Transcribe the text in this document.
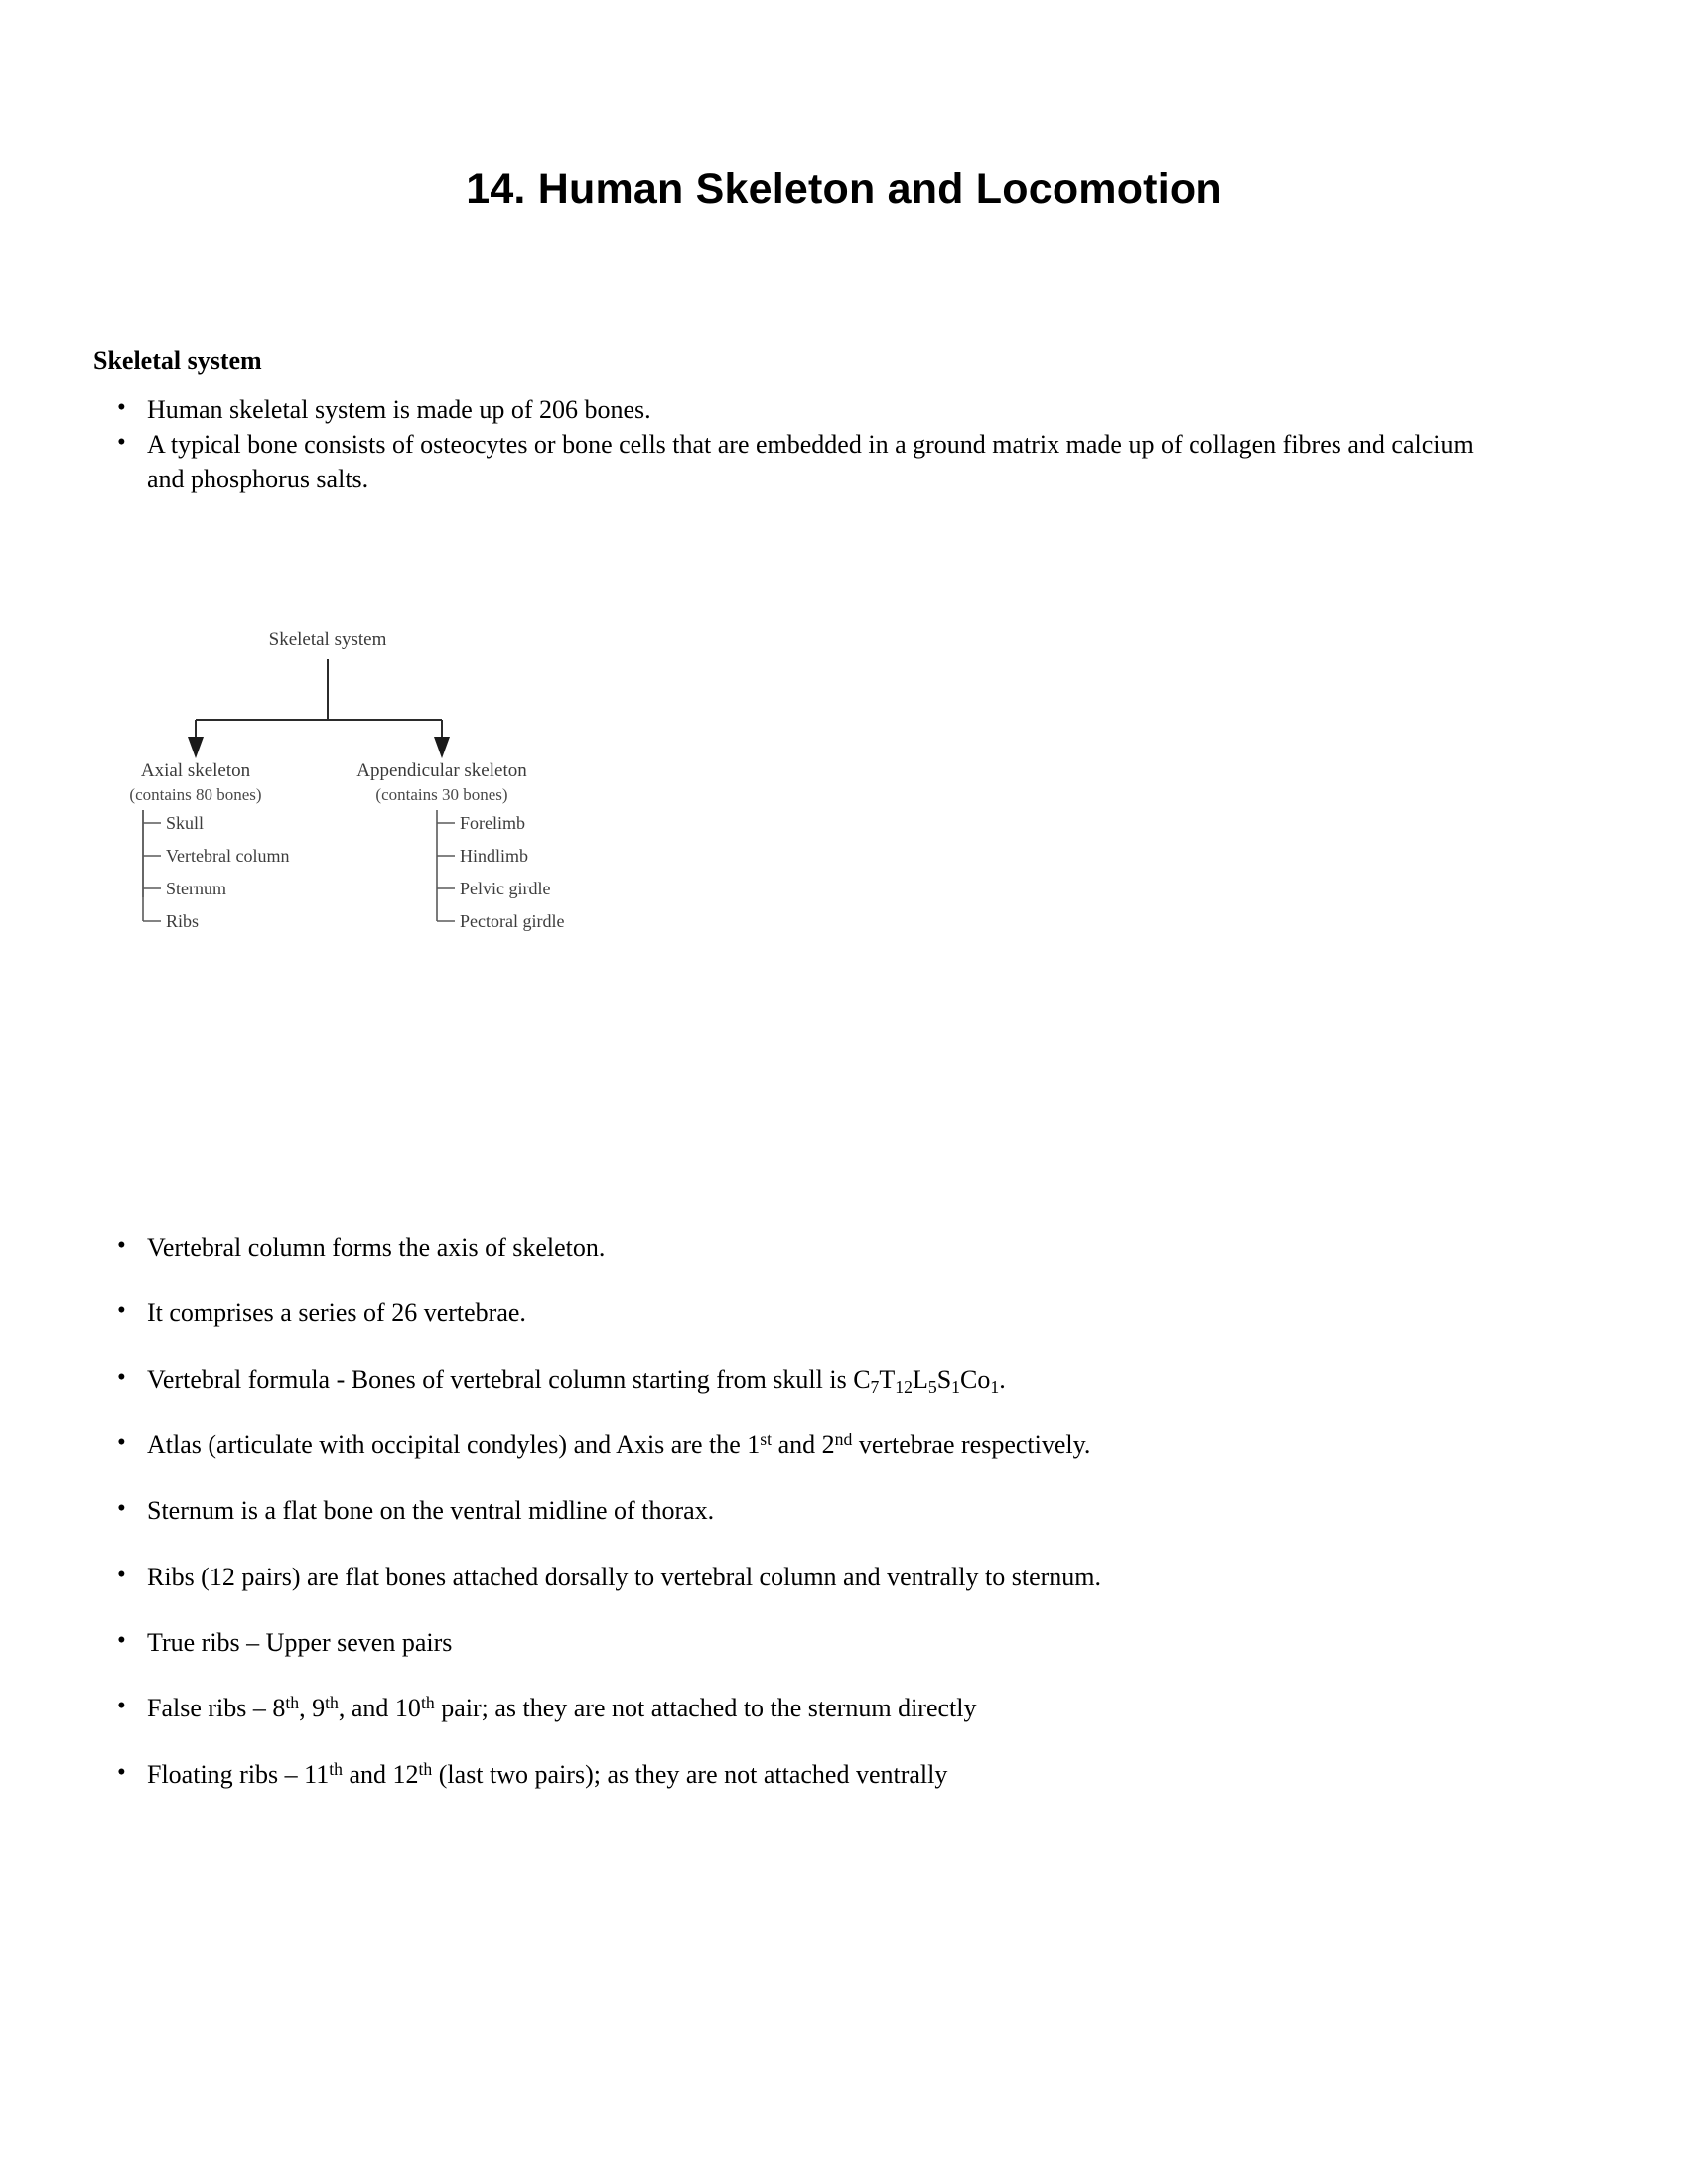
14. Human Skeleton and Locomotion
Skeletal system
• Human skeletal system is made up of 206 bones.
• A typical bone consists of osteocytes or bone cells that are embedded in a ground matrix made up of collagen fibres and calcium and phosphorus salts.
Skeletal system
Axial skeleton
(contains 80 bones)
Skull
Vertebral column
Sternum
Ribs
Appendicular skeleton
(contains 30 bones)
Forelimb
Hindlimb
Pelvic girdle
Pectoral girdle
• Vertebral column forms the axis of skeleton.
• It comprises a series of 26 vertebrae.
• Vertebral formula - Bones of vertebral column starting from skull is $C_7T_{12}L_5S_1Co_1$.
• Atlas (articulate with occipital condyles) and Axis are the 1st and 2nd vertebrae respectively.
• Sternum is a flat bone on the ventral midline of thorax.
• Ribs (12 pairs) are flat bones attached dorsally to vertebral column and ventrally to sternum.
• True ribs – Upper seven pairs
• False ribs – 8th, 9th, and 10th pair; as they are not attached to the sternum directly
• Floating ribs – 11th and 12th (last two pairs); as they are not attached ventrally
